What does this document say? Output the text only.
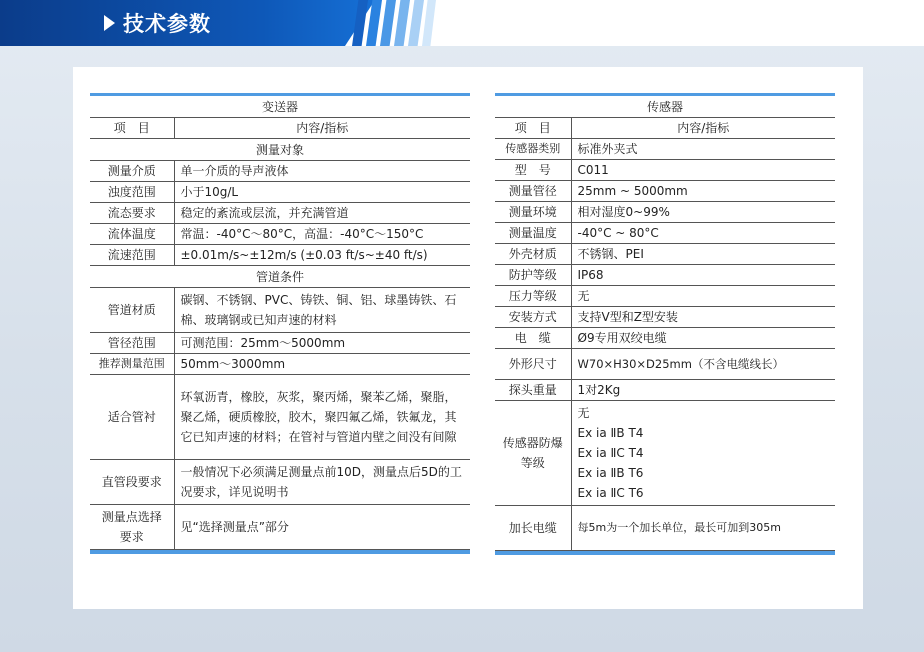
技术参数

变送器	
项　目	内容/指标
测量对象	
测量介质	单一介质的导声液体
浊度范围	小于10g/L
流态要求	稳定的紊流或层流，并充满管道
流体温度	常温：-40°C～80°C，高温：-40°C～150°C
流速范围	±0.01m/s~±12m/s (±0.03 ft/s~±40 ft/s)
管道条件	
管道材质	碳钢、不锈钢、PVC、铸铁、铜、铝、球墨铸铁、石棉、玻璃钢或已知声速的材料
管径范围	可测范围：25mm～5000mm
推荐测量范围	50mm～3000mm
适合管衬	环氧沥青，橡胶，灰浆，聚丙烯，聚苯乙烯，聚脂，聚乙烯，硬质橡胶，胶木，聚四氟乙烯，铁氟龙，其它已知声速的材料；在管衬与管道内壁之间没有间隙
直管段要求	一般情况下必须满足测量点前10D，测量点后5D的工况要求，详见说明书
测量点选择要求	见“选择测量点”部分

传感器	
项　目	内容/指标
传感器类别	标准外夹式
型　号	C011
测量管径	25mm ~ 5000mm
测量环境	相对湿度0~99%
测量温度	-40°C ~ 80°C
外壳材质	不锈钢、PEI
防护等级	IP68
压力等级	无
安装方式	支持V型和Z型安装
电　缆	Ø9专用双绞电缆
外形尺寸	W70×H30×D25mm（不含电缆线长）
探头重量	1对2Kg
传感器防爆等级	无
Ex ia ⅡB T4
Ex ia ⅡC T4
Ex ia ⅡB T6
Ex ia ⅡC T6

加长电缆	每5m为一个加长单位，最长可加到305m
